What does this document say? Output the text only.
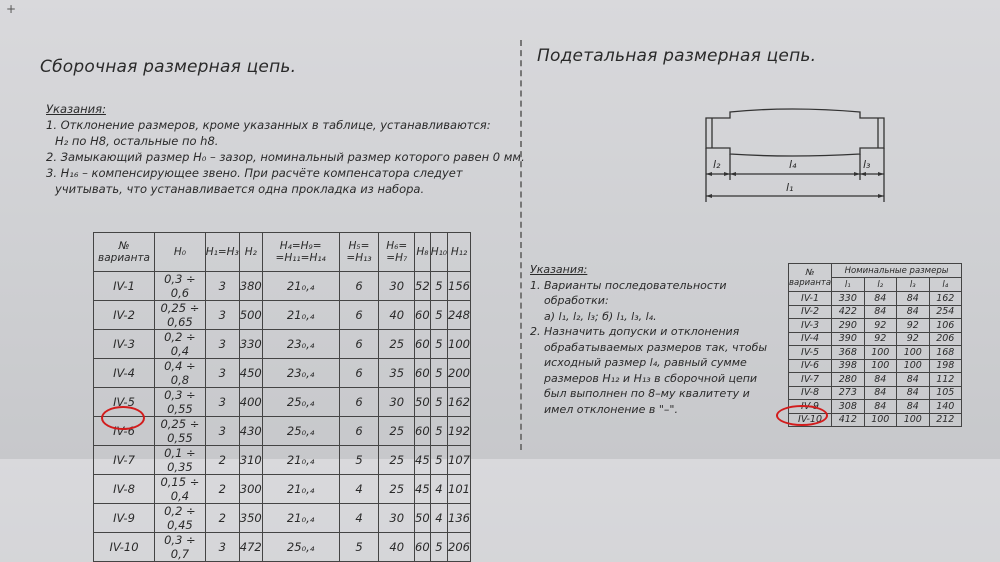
+
Сборочная размерная цепь.
Указания:
1. Отклонение размеров, кроме указанных в таблице, устанавливаются:
H₂ по H8, остальные по h8.
2. Замыкающий размер H₀ – зазор, номинальный размер которого равен 0 мм.
3. H₁₆ – компенсирующее звено. При расчёте компенсатора следует
учитывать, что устанавливается одна прокладка из набора.
№ варианта	H₀	H₁=H₃	H₂	H₄=H₉= =H₁₁=H₁₄	H₅= =H₁₃	H₆= =H₇	H₈	H₁₀	H₁₂
IV-1	0,3 ÷ 0,6	3	380	21₀,₄	6	30	52	5	156
IV-2	0,25 ÷ 0,65	3	500	21₀,₄	6	40	60	5	248
IV-3	0,2 ÷ 0,4	3	330	23₀,₄	6	25	60	5	100
IV-4	0,4 ÷ 0,8	3	450	23₀,₄	6	35	60	5	200
IV-5	0,3 ÷ 0,55	3	400	25₀,₄	6	30	50	5	162
IV-6	0,25 ÷ 0,55	3	430	25₀,₄	6	25	60	5	192
IV-7	0,1 ÷ 0,35	2	310	21₀,₄	5	25	45	5	107
IV-8	0,15 ÷ 0,4	2	300	21₀,₄	4	25	45	4	101
IV-9	0,2 ÷ 0,45	2	350	21₀,₄	4	30	50	4	136
IV-10	0,3 ÷ 0,7	3	472	25₀,₄	5	40	60	5	206
Подетальная размерная цепь.
l₂	l₄	l₃
l₁
Указания:
1. Варианты последовательности
обработки:
а) l₁, l₂, l₃; б) l₁, l₃, l₄.
2. Назначить допуски и отклонения
обрабатываемых размеров так, чтобы
исходный размер l₄, равный сумме
размеров H₁₂ и H₁₃ в сборочной цепи
был выполнен по 8–му квалитету и
имел отклонение в "–".
№ варианта	Номинальные размеры			
	l₁	l₂	l₃	l₄
IV-1	330	84	84	162
IV-2	422	84	84	254
IV-3	290	92	92	106
IV-4	390	92	92	206
IV-5	368	100	100	168
IV-6	398	100	100	198
IV-7	280	84	84	112
IV-8	273	84	84	105
IV-9	308	84	84	140
IV-10	412	100	100	212
